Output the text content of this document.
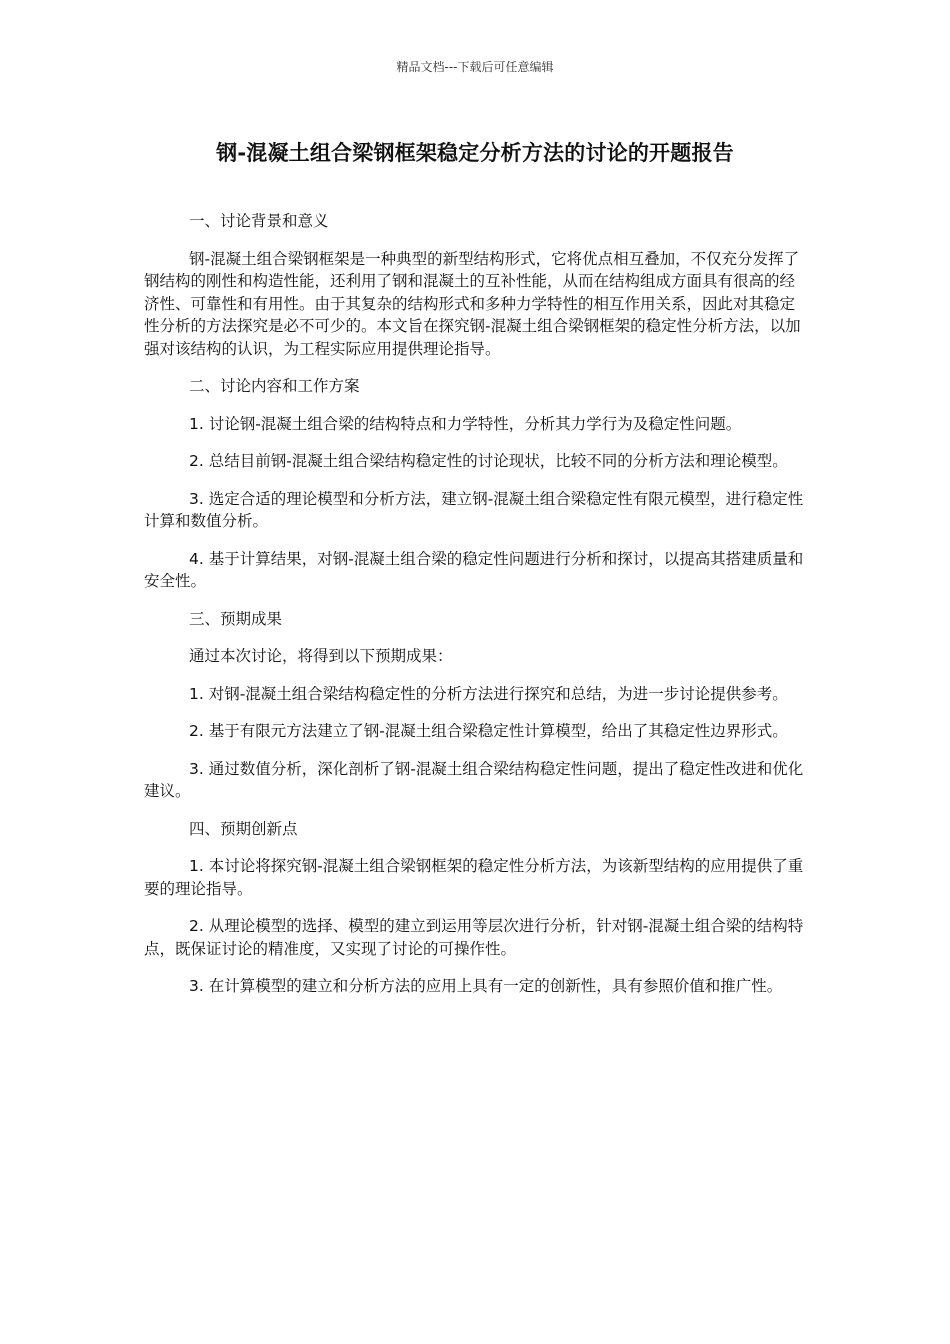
精品文档---下载后可任意编辑
钢-混凝土组合梁钢框架稳定分析方法的讨论的开题报告

一、讨论背景和意义

钢-混凝土组合梁钢框架是一种典型的新型结构形式，它将优点相互叠加，不仅充分发挥了钢结构的刚性和构造性能，还利用了钢和混凝土的互补性能，从而在结构组成方面具有很高的经济性、可靠性和有用性。由于其复杂的结构形式和多种力学特性的相互作用关系，因此对其稳定性分析的方法探究是必不可少的。本文旨在探究钢-混凝土组合梁钢框架的稳定性分析方法，以加强对该结构的认识，为工程实际应用提供理论指导。

二、讨论内容和工作方案

1. 讨论钢-混凝土组合梁的结构特点和力学特性，分析其力学行为及稳定性问题。

2. 总结目前钢-混凝土组合梁结构稳定性的讨论现状，比较不同的分析方法和理论模型。

3. 选定合适的理论模型和分析方法，建立钢-混凝土组合梁稳定性有限元模型，进行稳定性计算和数值分析。

4. 基于计算结果，对钢-混凝土组合梁的稳定性问题进行分析和探讨，以提高其搭建质量和安全性。

三、预期成果

通过本次讨论，将得到以下预期成果：

1. 对钢-混凝土组合梁结构稳定性的分析方法进行探究和总结，为进一步讨论提供参考。

2. 基于有限元方法建立了钢-混凝土组合梁稳定性计算模型，给出了其稳定性边界形式。

3. 通过数值分析，深化剖析了钢-混凝土组合梁结构稳定性问题，提出了稳定性改进和优化建议。

四、预期创新点

1. 本讨论将探究钢-混凝土组合梁钢框架的稳定性分析方法，为该新型结构的应用提供了重要的理论指导。

2. 从理论模型的选择、模型的建立到运用等层次进行分析，针对钢-混凝土组合梁的结构特点，既保证讨论的精准度，又实现了讨论的可操作性。

3. 在计算模型的建立和分析方法的应用上具有一定的创新性，具有参照价值和推广性。
